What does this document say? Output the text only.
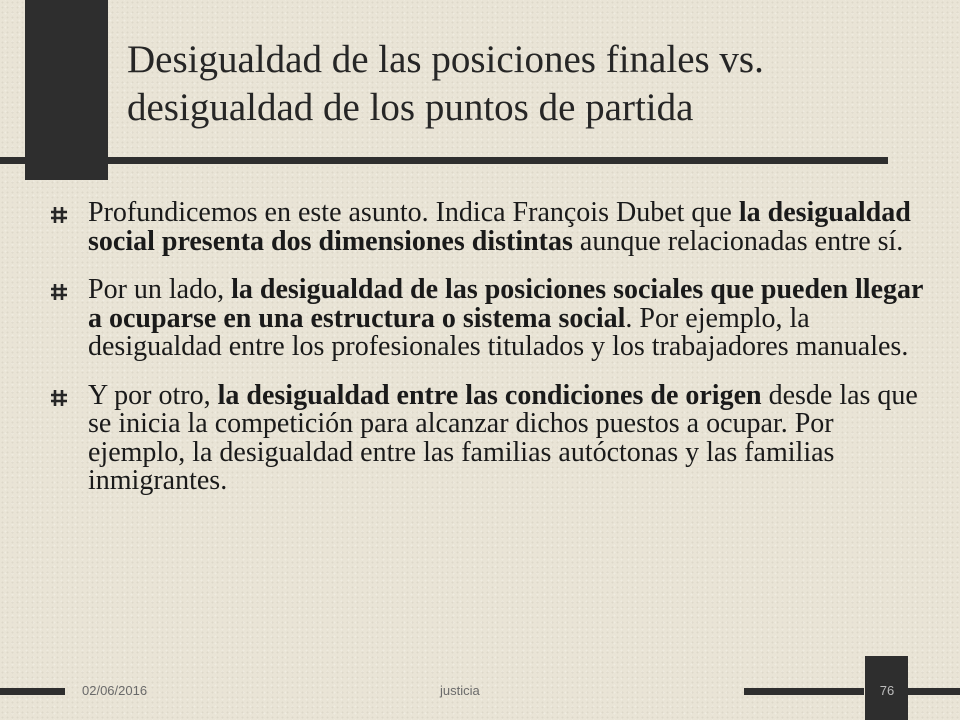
Desigualdad de las posiciones finales vs.
desigualdad de los puntos de partida
Profundicemos en este asunto. Indica François Dubet que la desigualdad social presenta dos dimensiones distintas aunque relacionadas entre sí.
Por un lado, la desigualdad de las posiciones sociales que pueden llegar a ocuparse en una estructura o sistema social. Por ejemplo, la desigualdad entre los profesionales titulados y los trabajadores manuales.
Y por otro, la desigualdad entre las condiciones de origen desde las que se inicia la competición para alcanzar dichos puestos a ocupar. Por ejemplo, la desigualdad entre las familias autóctonas y las familias inmigrantes.
02/06/2016	justicia	76
